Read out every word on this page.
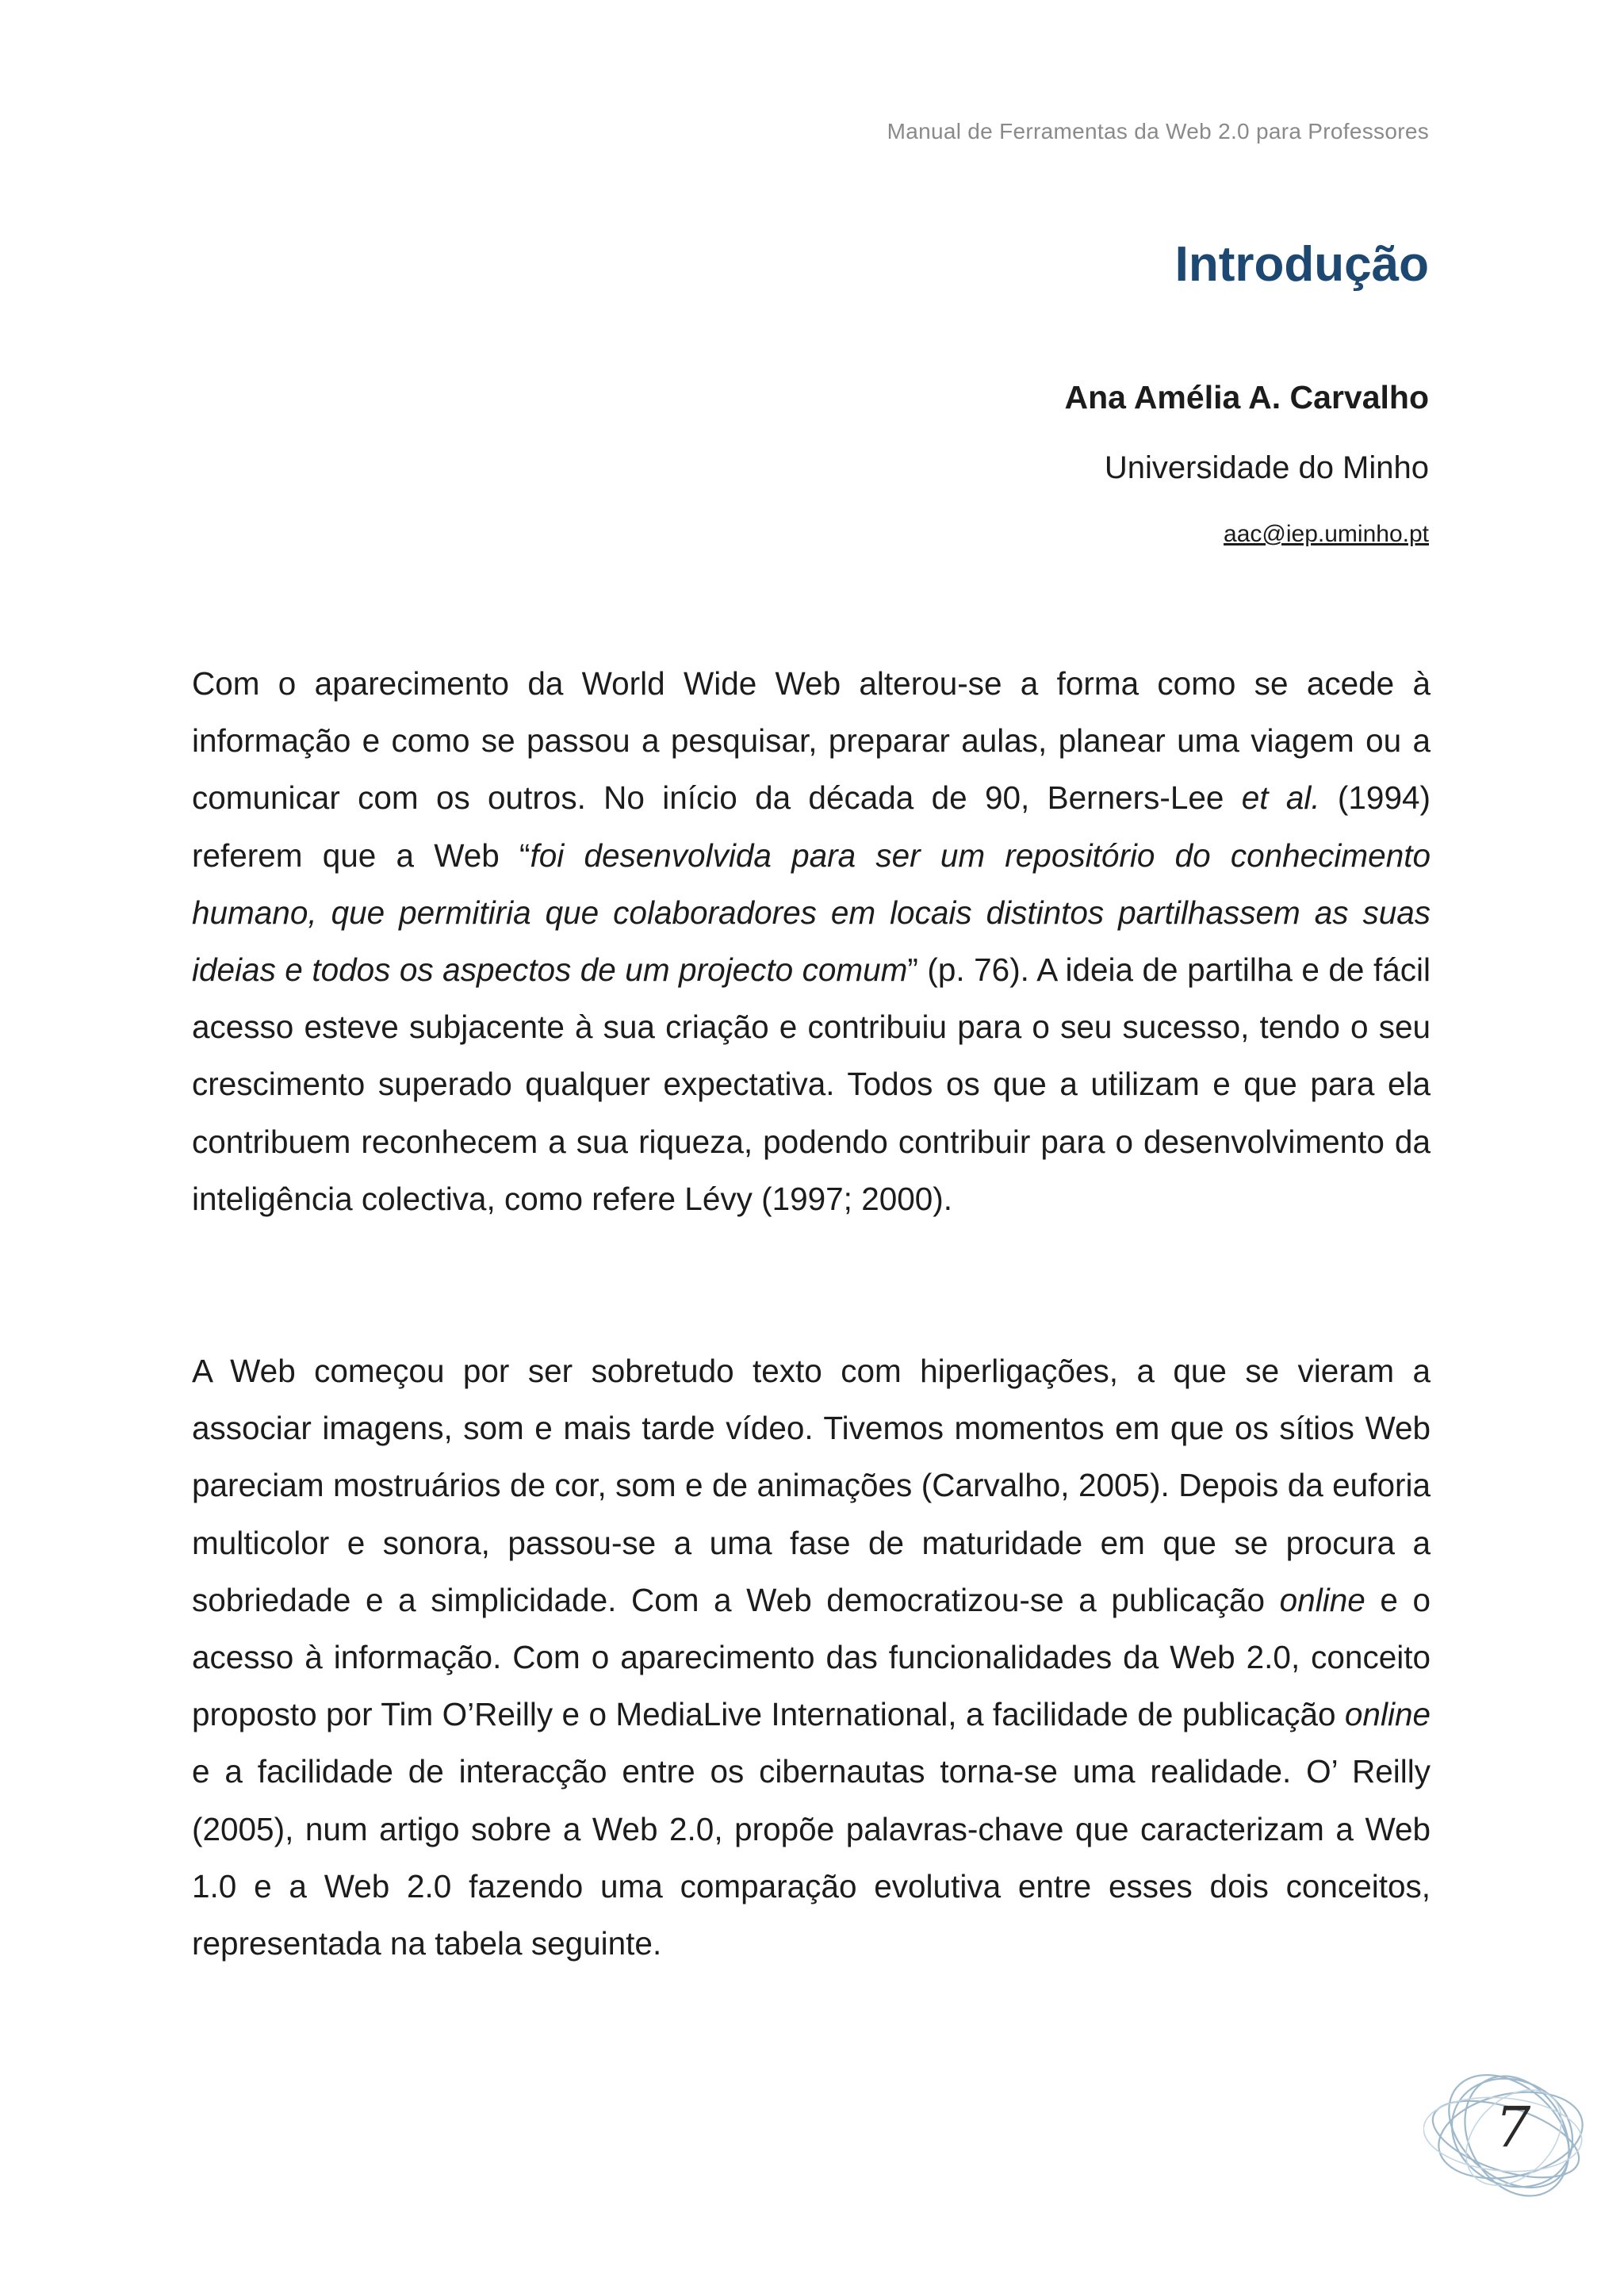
Manual de Ferramentas da Web 2.0 para Professores
Introdução
Ana Amélia A. Carvalho
Universidade do Minho
aac@iep.uminho.pt

Com o aparecimento da World Wide Web alterou-se a forma como se acede à informação e como se passou a pesquisar, preparar aulas, planear uma viagem ou a comunicar com os outros. No início da década de 90, Berners-Lee et al. (1994) referem que a Web “foi desenvolvida para ser um repositório do conhecimento humano, que permitiria que colaboradores em locais distintos partilhassem as suas ideias e todos os aspectos de um projecto comum” (p. 76). A ideia de partilha e de fácil acesso esteve subjacente à sua criação e contribuiu para o seu sucesso, tendo o seu crescimento superado qualquer expectativa. Todos os que a utilizam e que para ela contribuem reconhecem a sua riqueza, podendo contribuir para o desenvolvimento da inteligência colectiva, como refere Lévy (1997; 2000).

A Web começou por ser sobretudo texto com hiperligações, a que se vieram a associar imagens, som e mais tarde vídeo. Tivemos momentos em que os sítios Web pareciam mostruários de cor, som e de animações (Carvalho, 2005). Depois da euforia multicolor e sonora, passou-se a uma fase de maturidade em que se procura a sobriedade e a simplicidade. Com a Web democratizou-se a publicação online e o acesso à informação. Com o aparecimento das funcionalidades da Web 2.0, conceito proposto por Tim O’Reilly e o MediaLive International, a facilidade de publicação online e a facilidade de interacção entre os cibernautas torna-se uma realidade. O’ Reilly (2005), num artigo sobre a Web 2.0, propõe palavras-chave que caracterizam a Web 1.0 e a Web 2.0 fazendo uma comparação evolutiva entre esses dois conceitos, representada na tabela seguinte.

7
